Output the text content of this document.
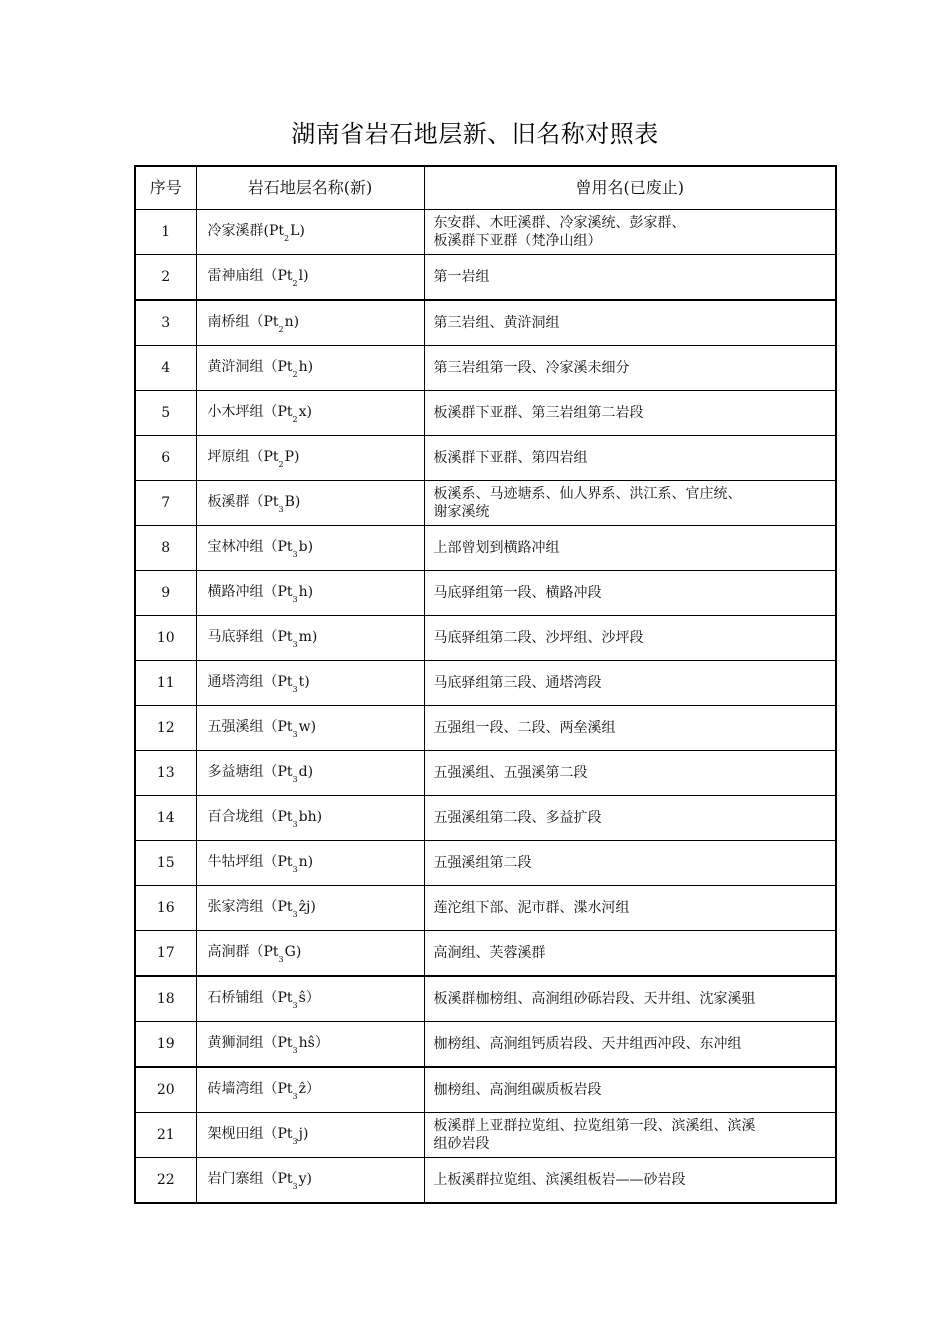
湖南省岩石地层新、旧名称对照表
序号	岩石地层名称(新)	曾用名(已废止)
1	冷家溪群$(Pt_2L)$	东安群、木旺溪群、冷家溪统、彭家群、
板溪群下亚群（梵净山组）
2	雷神庙组$(Pt_2l)$	第一岩组
3	南桥组$(Pt_2n)$	第三岩组、黄浒洞组
4	黄浒洞组$(Pt_2h)$	第三岩组第一段、冷家溪未细分
5	小木坪组$(Pt_2x)$	板溪群下亚群、第三岩组第二岩段
6	坪原组$(Pt_2P)$	板溪群下亚群、第四岩组
7	板溪群$(Pt_3B)$	板溪系、马迹塘系、仙人界系、洪江系、官庄统、
谢家溪统
8	宝林冲组$(Pt_3b)$	上部曾划到横路冲组
9	横路冲组$(Pt_3h)$	马底驿组第一段、横路冲段
10	马底驿组$(Pt_3m)$	马底驿组第二段、沙坪组、沙坪段
11	通塔湾组$(Pt_3t)$	马底驿组第三段、通塔湾段
12	五强溪组$(Pt_3w)$	五强组一段、二段、两垒溪组
13	多益塘组$(Pt_3d)$	五强溪组、五强溪第二段
14	百合垅组$(Pt_3bh)$	五强溪组第二段、多益扩段
15	牛牯坪组$(Pt_3n)$	五强溪组第二段
16	张家湾组$(Pt_3ẑj)$	莲沱组下部、泥市群、渫水河组
17	高涧群$(Pt_3G)$	高涧组、芙蓉溪群
18	石桥铺组$(Pt_3ŝ)$	板溪群枷榜组、高涧组砂砾岩段、天井组、沈家溪驵
19	黄狮洞组$(Pt_3hŝ)$	枷榜组、高涧组钙质岩段、天井组西冲段、东冲组
20	砖墙湾组$(Pt_3ẑ)$	枷榜组、高涧组碳质板岩段
21	架枧田组$(Pt_3j)$	板溪群上亚群拉览组、拉览组第一段、滨溪组、滨溪
组砂岩段
22	岩门寨组$(Pt_3y)$	上板溪群拉览组、滨溪组板岩——砂岩段
